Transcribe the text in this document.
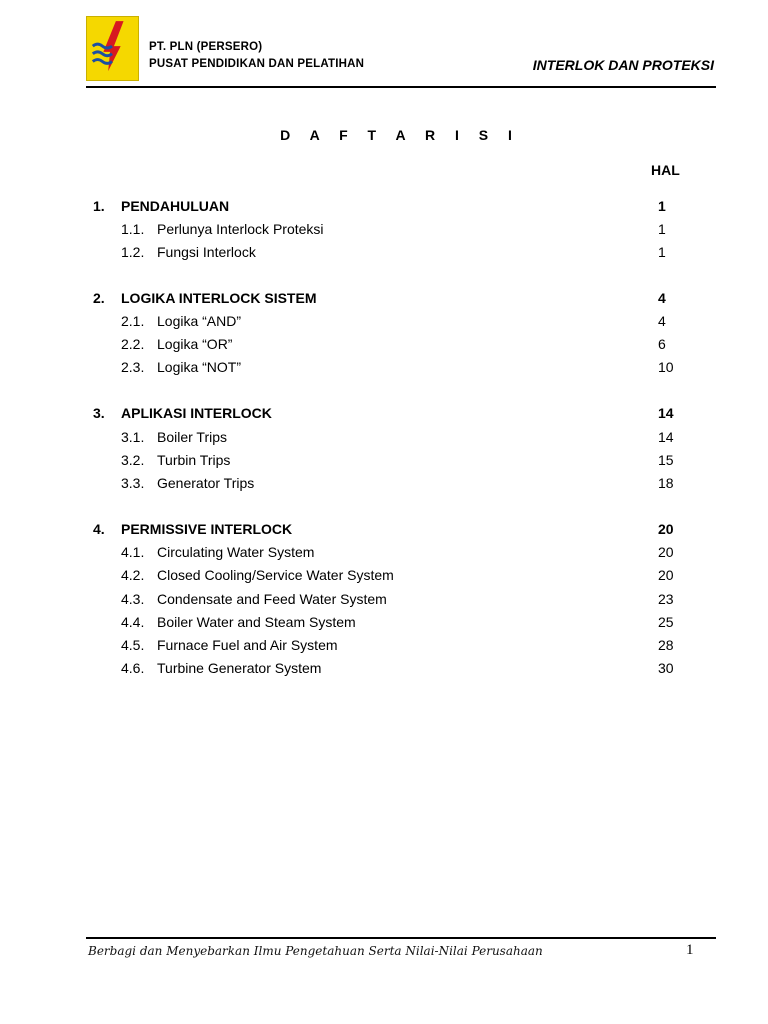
PT. PLN (PERSERO)
PUSAT PENDIDIKAN DAN PELATIHAN	INTERLOK DAN PROTEKSI
D A F T A R I S I
HAL
1. PENDAHULUAN	1
1.1. Perlunya Interlock Proteksi	1
1.2. Fungsi Interlock	1
2. LOGIKA INTERLOCK SISTEM	4
2.1. Logika “AND”	4
2.2. Logika “OR”	6
2.3. Logika “NOT”	10
3. APLIKASI INTERLOCK	14
3.1. Boiler Trips	14
3.2. Turbin Trips	15
3.3. Generator Trips	18
4. PERMISSIVE INTERLOCK	20
4.1. Circulating Water System	20
4.2. Closed Cooling/Service Water System	20
4.3. Condensate and Feed Water System	23
4.4. Boiler Water and Steam System	25
4.5. Furnace Fuel and Air System	28
4.6. Turbine Generator System	30
Berbagi dan Menyebarkan Ilmu Pengetahuan Serta Nilai-Nilai Perusahaan	1
